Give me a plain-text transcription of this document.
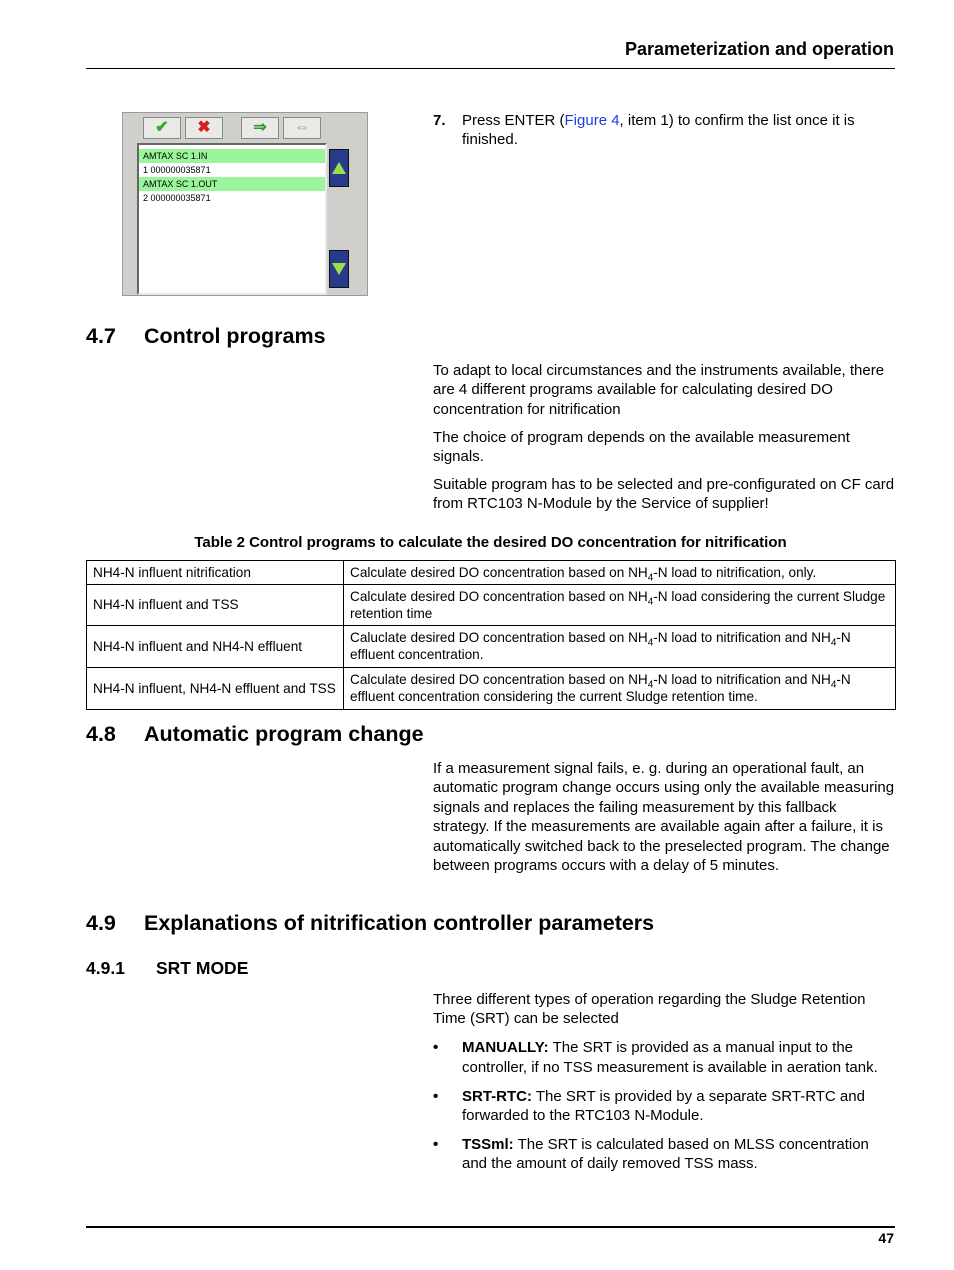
Parameterization and operation
✔	✖	⇒	⇔
AMTAX SC 1.IN
1 000000035871
AMTAX SC 1.OUT
2 000000035871
7. Press ENTER (Figure 4, item 1) to confirm the list once it is finished.
4.7 Control programs

To adapt to local circumstances and the instruments available, there are 4 different programs available for calculating desired DO concentration for nitrification

The choice of program depends on the available measurement signals.

Suitable program has to be selected and pre-configurated on CF card from RTC103 N-Module by the Service of supplier!

Table 2 Control programs to calculate the desired DO concentration for nitrification
NH4-N influent nitrification	Calculate desired DO concentration based on $NH_4-N$ load to nitrification, only.
NH4-N influent and TSS	Calculate desired DO concentration based on $NH_4-N$ load considering the current Sludge retention time
NH4-N influent and NH4-N effluent	Caluclate desired DO concentration based on $NH_4-N$ load to nitrification and $NH_4-N$ effluent concentration.
NH4-N influent, NH4-N effluent and TSS	Calculate desired DO concentration based on $NH_4-N$ load to nitrification and $NH_4-N$ effluent concentration considering the current Sludge retention time.
4.8 Automatic program change

If a measurement signal fails, e. g. during an operational fault, an automatic program change occurs using only the available measuring signals and replaces the failing measurement by this fallback strategy. If the measurements are available again after a failure, it is automatically switched back to the preselected program. The change between programs occurs with a delay of 5 minutes.

4.9 Explanations of nitrification controller parameters
4.9.1 SRT MODE

Three different types of operation regarding the Sludge Retention Time (SRT) can be selected

• MANUALLY: The SRT is provided as a manual input to the controller, if no TSS measurement is available in aeration tank.
• SRT-RTC: The SRT is provided by a separate SRT-RTC and forwarded to the RTC103 N-Module.
• TSSml: The SRT is calculated based on MLSS concentration and the amount of daily removed TSS mass.
47
